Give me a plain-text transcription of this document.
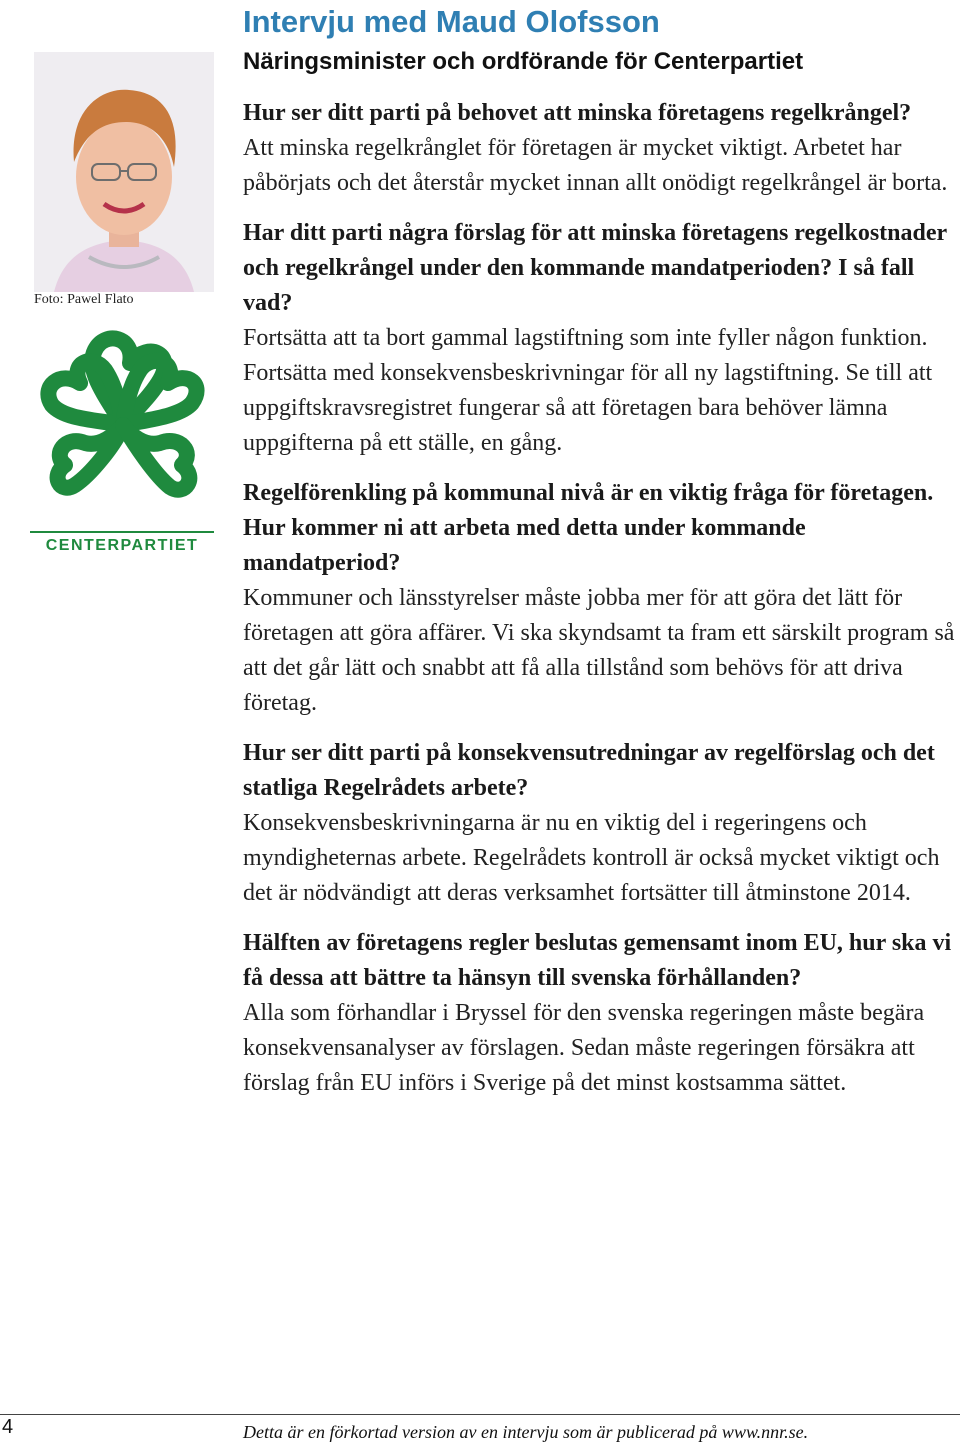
Foto: Pawel Flato
CENTERPARTIET
Intervju med Maud Olofsson
Näringsminister och ordförande för Centerpartiet

Hur ser ditt parti på behovet att minska företagens regelkrångel?
Att minska regelkrånglet för företagen är mycket viktigt. Arbetet har påbörjats och det återstår mycket innan allt onödigt regelkrångel är borta.

Har ditt parti några förslag för att minska företagens regelkostnader och regelkrångel under den kommande mandatperioden? I så fall vad?
Fortsätta att ta bort gammal lagstiftning som inte fyller någon funktion. Fortsätta med konsekvensbeskrivningar för all ny lagstiftning. Se till att uppgiftskravsregistret fungerar så att företagen bara behöver lämna uppgifterna på ett ställe, en gång.

Regelförenkling på kommunal nivå är en viktig fråga för företagen. Hur kommer ni att arbeta med detta under kommande mandatperiod?
Kommuner och länsstyrelser måste jobba mer för att göra det lätt för företagen att göra affärer. Vi ska skyndsamt ta fram ett särskilt program så att det går lätt och snabbt att få alla tillstånd som behövs för att driva företag.

Hur ser ditt parti på konsekvensutredningar av regelförslag och det statliga Regelrådets arbete?
Konsekvensbeskrivningarna är nu en viktig del i regeringens och myndigheternas arbete. Regelrådets kontroll är också mycket viktigt och det är nödvändigt att deras verksamhet fortsätter till åtminstone 2014.

Hälften av företagens regler beslutas gemensamt inom EU, hur ska vi få dessa att bättre ta hänsyn till svenska förhållanden?
Alla som förhandlar i Bryssel för den svenska regeringen måste begära konsekvensanalyser av förslagen. Sedan måste regeringen försäkra att förslag från EU införs i Sverige på det minst kostsamma sättet.

4	Detta är en förkortad version av en intervju som är publicerad på www.nnr.se.
